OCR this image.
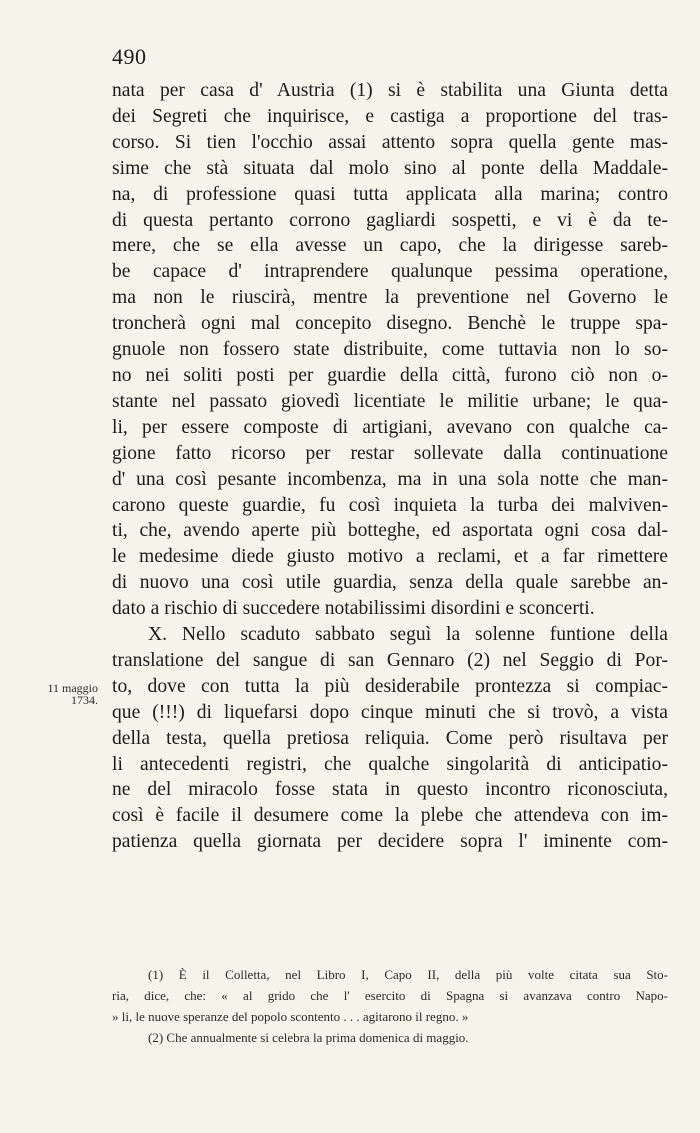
490
11 maggio
1734.
nata per casa d' Austria (1) si è stabilita una Giunta detta
dei Segreti che inquirisce, e castiga a proportione del tras-
corso. Si tien l'occhio assai attento sopra quella gente mas-
sime che stà situata dal molo sino al ponte della Maddale-
na, di professione quasi tutta applicata alla marina; contro
di questa pertanto corrono gagliardi sospetti, e vi è da te-
mere, che se ella avesse un capo, che la dirigesse sareb-
be capace d' intraprendere qualunque pessima operatione,
ma non le riuscirà, mentre la preventione nel Governo le
troncherà ogni mal concepito disegno. Benchè le truppe spa-
gnuole non fossero state distribuite, come tuttavia non lo so-
no nei soliti posti per guardie della città, furono ciò non o-
stante nel passato giovedì licentiate le militie urbane; le qua-
li, per essere composte di artigiani, avevano con qualche ca-
gione fatto ricorso per restar sollevate dalla continuatione
d' una così pesante incombenza, ma in una sola notte che man-
carono queste guardie, fu così inquieta la turba dei malviven-
ti, che, avendo aperte più botteghe, ed asportata ogni cosa dal-
le medesime diede giusto motivo a reclami, et a far rimettere
di nuovo una così utile guardia, senza della quale sarebbe an-
dato a rischio di succedere notabilissimi disordini e sconcerti.
X. Nello scaduto sabbato seguì la solenne funtione della
translatione del sangue di san Gennaro (2) nel Seggio di Por-
to, dove con tutta la più desiderabile prontezza si compiac-
que (!!!) di liquefarsi dopo cinque minuti che si trovò, a vista
della testa, quella pretiosa reliquia. Come però risultava per
li antecedenti registri, che qualche singolarità di anticipatio-
ne del miracolo fosse stata in questo incontro riconosciuta,
così è facile il desumere come la plebe che attendeva con im-
patienza quella giornata per decidere sopra l' iminente com-
(1) È il Colletta, nel Libro I, Capo II, della più volte citata sua Sto-
ria, dice, che: « al grido che l' esercito di Spagna si avanzava contro Napo-
» li, le nuove speranze del popolo scontento . . . agitarono il regno. »
(2) Che annualmente si celebra la prima domenica di maggio.
